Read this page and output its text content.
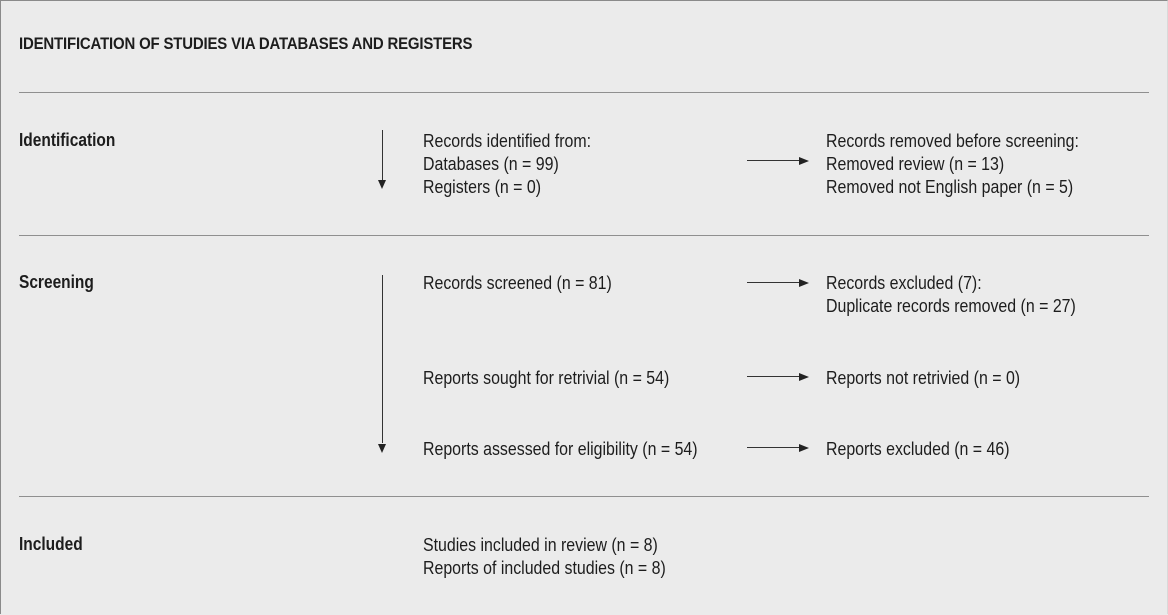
IDENTIFICATION OF STUDIES VIA DATABASES AND REGISTERS
Identification	Records identified from:
Databases (n = 99)
Registers (n = 0)
Records removed before screening:
Removed review (n = 13)
Removed not English paper (n = 5)
Screening	Records screened (n = 81)	Records excluded (7):
Duplicate records removed (n = 27)
Reports sought for retrivial (n = 54)	Reports not retrivied (n = 0)
Reports assessed for eligibility (n = 54)	Reports excluded (n = 46)
Included	Studies included in review (n = 8)
Reports of included studies (n = 8)
